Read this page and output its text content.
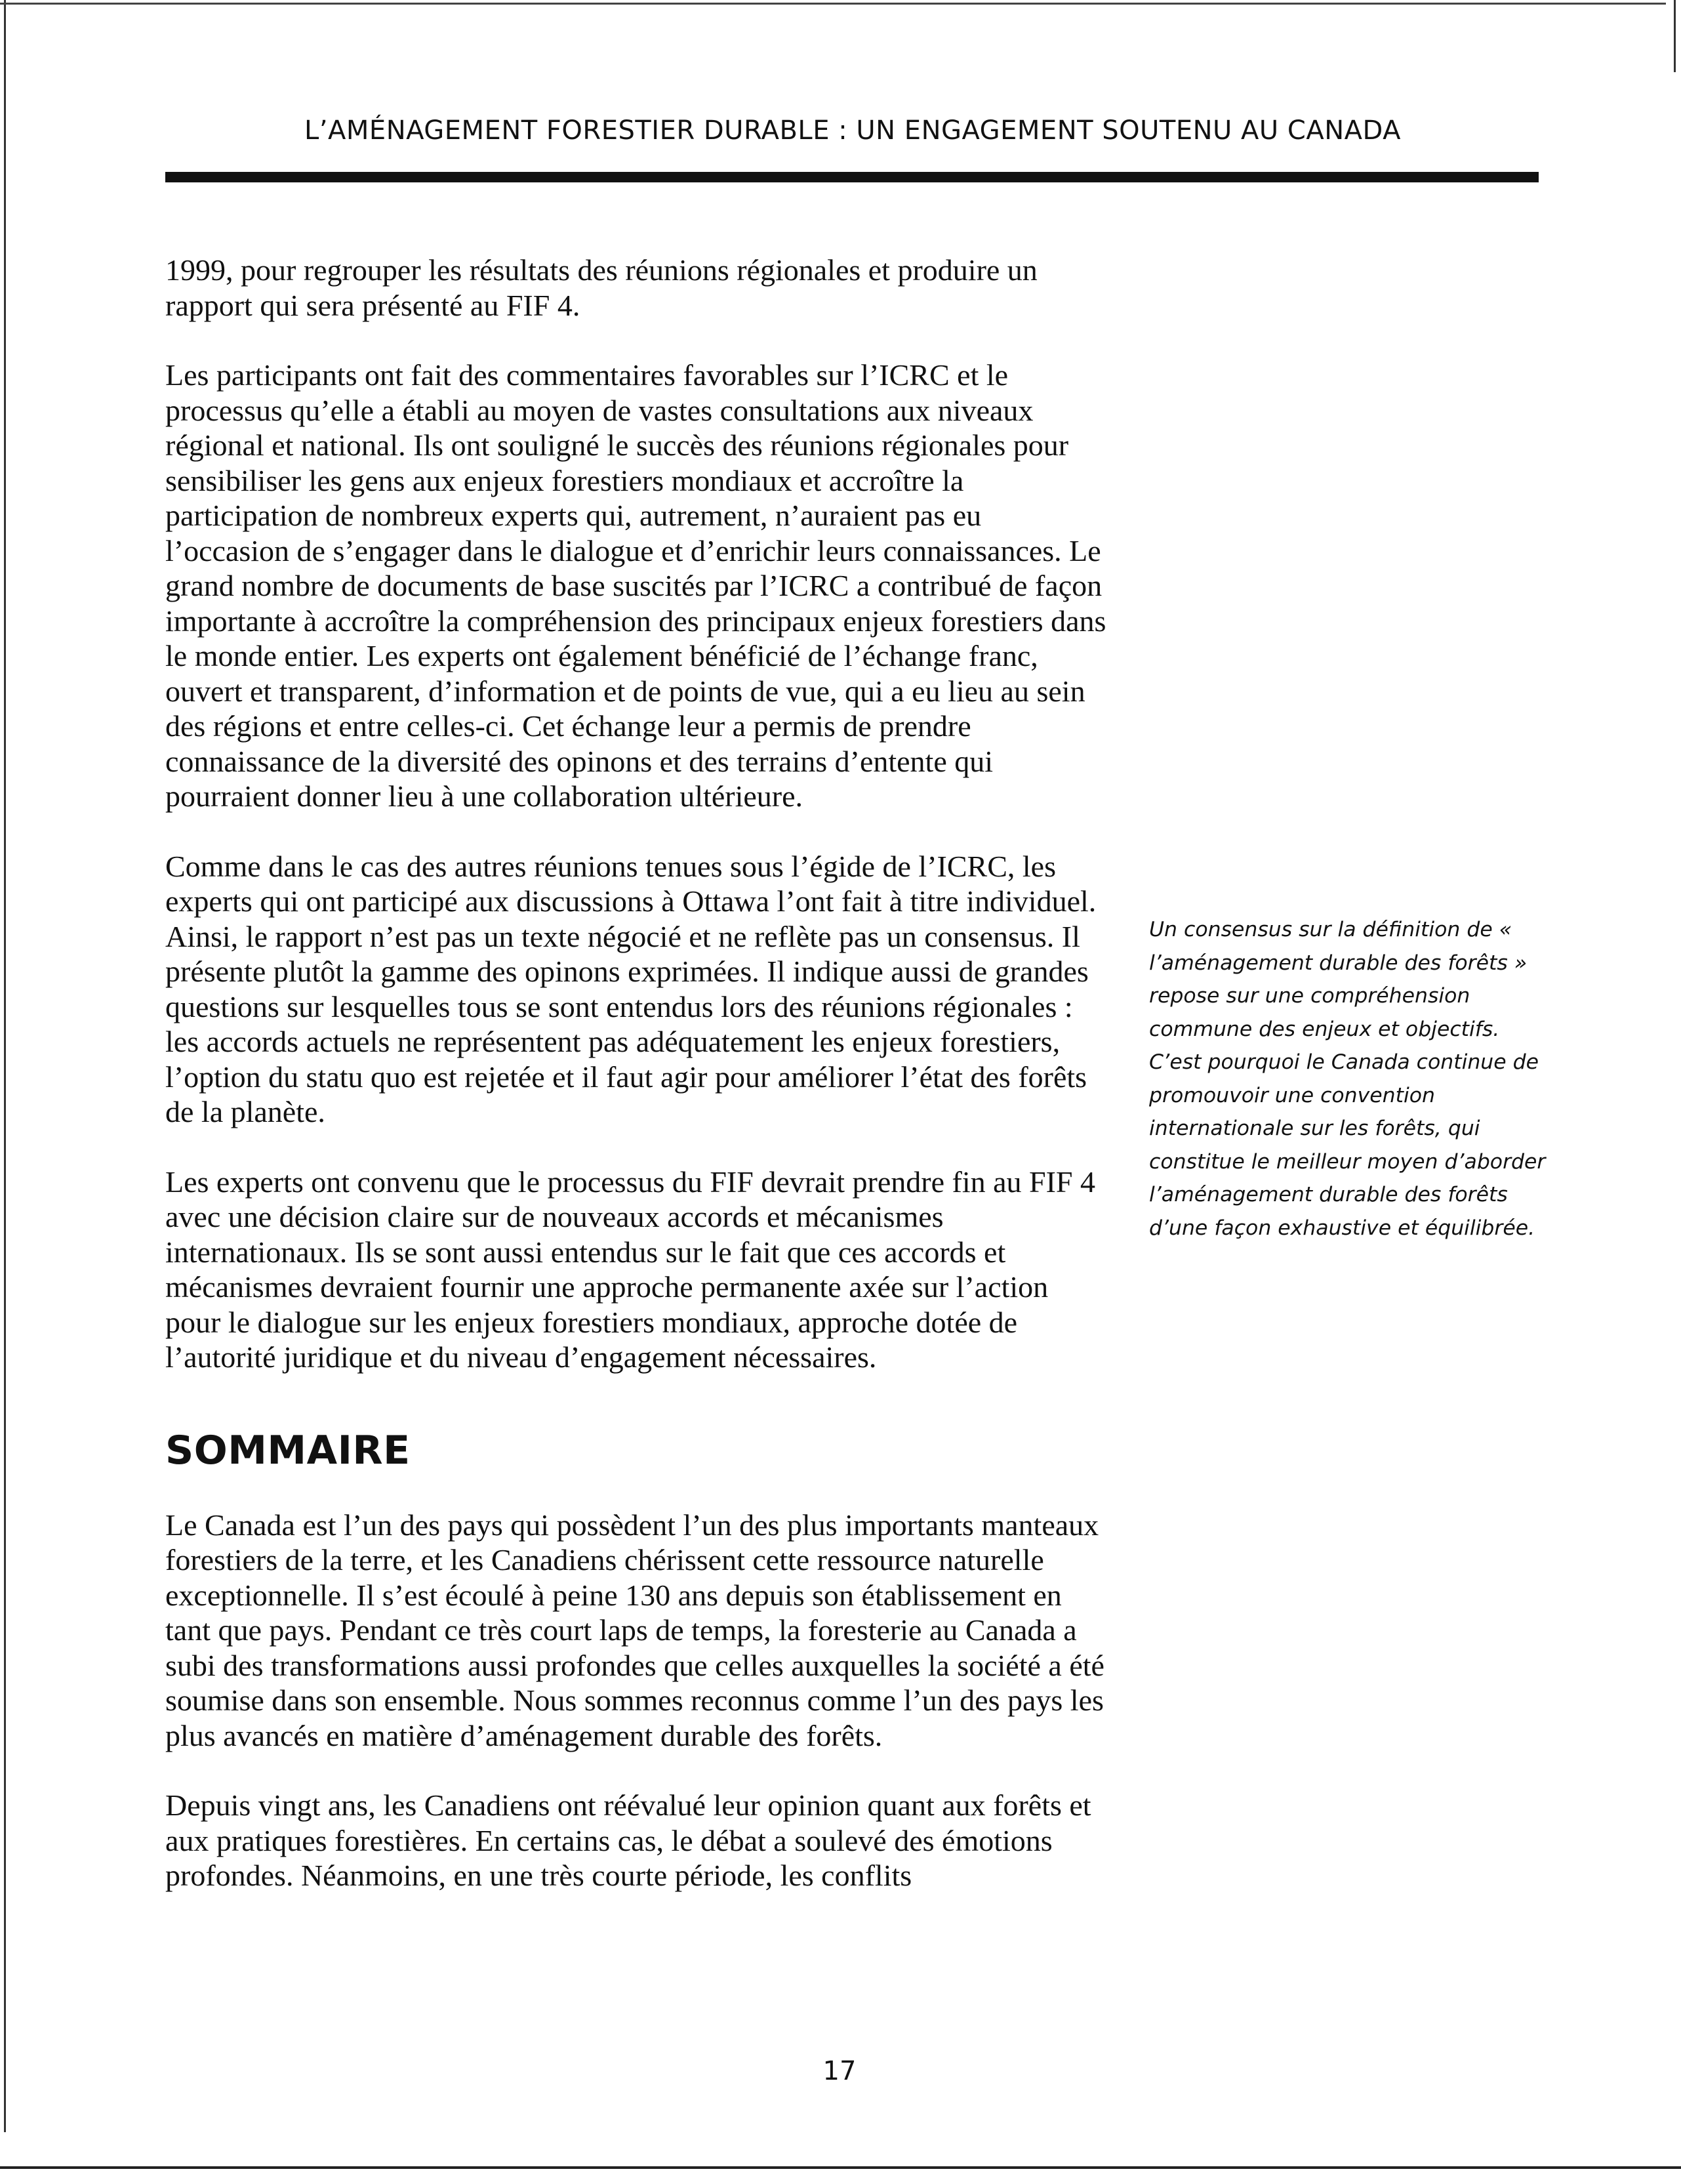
L’AMÉNAGEMENT FORESTIER DURABLE : UN ENGAGEMENT SOUTENU AU CANADA

1999, pour regrouper les résultats des réunions régionales et produire un rapport qui sera présenté au FIF 4.

Les participants ont fait des commentaires favorables sur l’ICRC et le processus qu’elle a établi au moyen de vastes consultations aux niveaux régional et national. Ils ont souligné le succès des réunions régionales pour sensibiliser les gens aux enjeux forestiers mondiaux et accroître la participation de nombreux experts qui, autrement, n’auraient pas eu l’occasion de s’engager dans le dialogue et d’enrichir leurs connaissances. Le grand nombre de documents de base suscités par l’ICRC a contribué de façon importante à accroître la compréhension des principaux enjeux forestiers dans le monde entier. Les experts ont également bénéficié de l’échange franc, ouvert et transparent, d’information et de points de vue, qui a eu lieu au sein des régions et entre celles-ci. Cet échange leur a permis de prendre connaissance de la diversité des opinons et des terrains d’entente qui pourraient donner lieu à une collaboration ultérieure.

Comme dans le cas des autres réunions tenues sous l’égide de l’ICRC, les experts qui ont participé aux discussions à Ottawa l’ont fait à titre individuel. Ainsi, le rapport n’est pas un texte négocié et ne reflète pas un consensus. Il présente plutôt la gamme des opinons exprimées. Il indique aussi de grandes questions sur lesquelles tous se sont entendus lors des réunions régionales : les accords actuels ne représentent pas adéquatement les enjeux forestiers, l’option du statu quo est rejetée et il faut agir pour améliorer l’état des forêts de la planète.

Les experts ont convenu que le processus du FIF devrait prendre fin au FIF 4 avec une décision claire sur de nouveaux accords et mécanismes internationaux. Ils se sont aussi entendus sur le fait que ces accords et mécanismes devraient fournir une approche permanente axée sur l’action pour le dialogue sur les enjeux forestiers mondiaux, approche dotée de l’autorité juridique et du niveau d’engagement nécessaires.

SOMMAIRE

Le Canada est l’un des pays qui possèdent l’un des plus importants manteaux forestiers de la terre, et les Canadiens chérissent cette ressource naturelle exceptionnelle. Il s’est écoulé à peine 130 ans depuis son établissement en tant que pays. Pendant ce très court laps de temps, la foresterie au Canada a subi des transformations aussi profondes que celles auxquelles la société a été soumise dans son ensemble. Nous sommes reconnus comme l’un des pays les plus avancés en matière d’aménagement durable des forêts.

Depuis vingt ans, les Canadiens ont réévalué leur opinion quant aux forêts et aux pratiques forestières. En certains cas, le débat a soulevé des émotions profondes. Néanmoins, en une très courte période, les conflits

Un consensus sur la définition de « l’aménagement durable des forêts » repose sur une compréhension commune des enjeux et objectifs. C’est pourquoi le Canada continue de promouvoir une convention internationale sur les forêts, qui constitue le meilleur moyen d’aborder l’aménagement durable des forêts d’une façon exhaustive et équilibrée.
17
